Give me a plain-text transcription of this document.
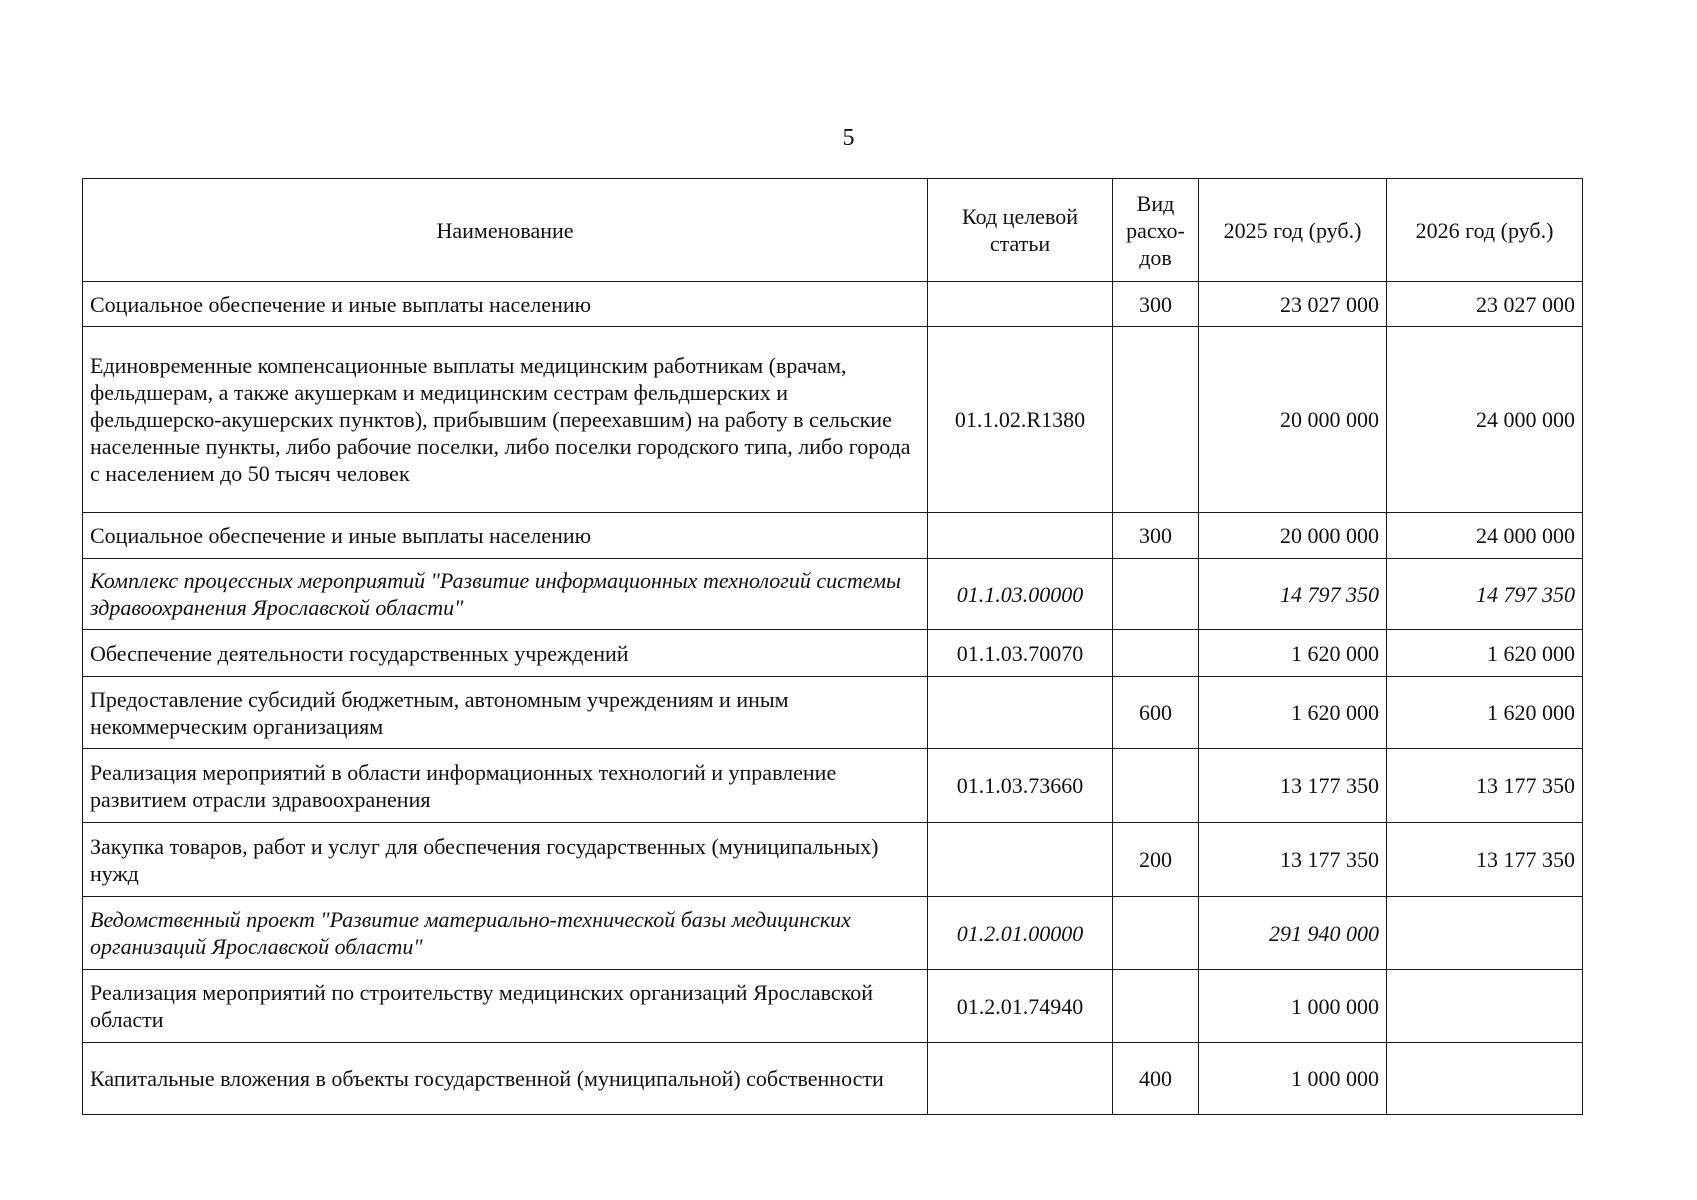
5
Наименование	Код целевой статьи	Вид расхо-дов	2025 год (руб.)	2026 год (руб.)
Социальное обеспечение и иные выплаты населению		300	23 027 000	23 027 000
Единовременные компенсационные выплаты медицинским работникам (врачам, фельдшерам, а также акушеркам и медицинским сестрам фельдшерских и фельдшерско-акушерских пунктов), прибывшим (переехавшим) на работу в сельские населенные пункты, либо рабочие поселки, либо поселки городского типа, либо города с населением до 50 тысяч человек	01.1.02.R1380		20 000 000	24 000 000
Социальное обеспечение и иные выплаты населению		300	20 000 000	24 000 000
Комплекс процессных мероприятий "Развитие информационных технологий системы здравоохранения Ярославской области"	01.1.03.00000		14 797 350	14 797 350
Обеспечение деятельности государственных учреждений	01.1.03.70070		1 620 000	1 620 000
Предоставление субсидий бюджетным, автономным учреждениям и иным некоммерческим организациям		600	1 620 000	1 620 000
Реализация мероприятий в области информационных технологий и управление развитием отрасли здравоохранения	01.1.03.73660		13 177 350	13 177 350
Закупка товаров, работ и услуг для обеспечения государственных (муниципальных) нужд		200	13 177 350	13 177 350
Ведомственный проект "Развитие материально-технической базы медицинских организаций Ярославской области"	01.2.01.00000		291 940 000	
Реализация мероприятий по строительству медицинских организаций Ярославской области	01.2.01.74940		1 000 000	
Капитальные вложения в объекты государственной (муниципальной) собственности		400	1 000 000	
